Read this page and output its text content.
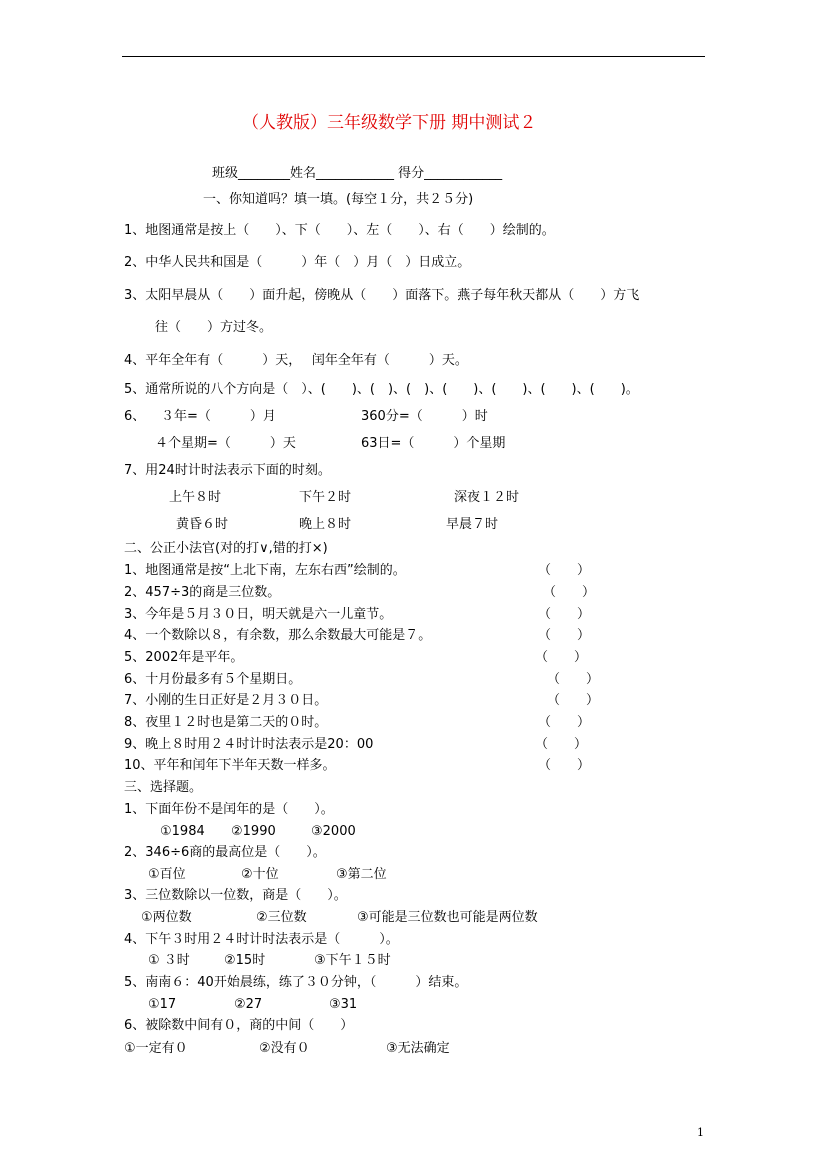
（人教版）三年级数学下册 期中测试２
班级________姓名____________ 得分____________
一、你知道吗？填一填。(每空１分，共２５分)
1、地图通常是按上（　　）、下（　　）、左（　　）、右（　　）绘制的。
2、中华人民共和国是（　　　）年（　）月（　）日成立。
3、太阳早晨从（　　）面升起，傍晚从（　　）面落下。燕子每年秋天都从（　　）方飞
往（　　）方过冬。
4、平年全年有（　　　）天，　 闰年全年有（　　　）天。
5、通常所说的八个方向是（　）、(　　)、(　)、(　)、(　　)、(　　)、(　　)、(　　)。
6、 ３年=（　　　）月	360分=（　　　）时
４个星期=（　　　）天	63日=（　　　）个星期
7、用24时计时法表示下面的时刻。
上午８时	下午２时	深夜１２时
黄昏６时	晚上８时	早晨７时
二、公正小法官(对的打∨,错的打×)
1、地图通常是按“上北下南，左东右西”绘制的。	（　　）
2、457÷3的商是三位数。	（　　）
3、今年是５月３０日，明天就是六一儿童节。	（　　）
4、一个数除以８，有余数，那么余数最大可能是７。	（　　）
5、2002年是平年。	（　　）
6、十月份最多有５个星期日。	（　　）
7、小刚的生日正好是２月３０日。	（　　）
8、夜里１２时也是第二天的０时。	（　　）
9、晚上８时用２４时计时法表示是20：00	（　　）
10、平年和闰年下半年天数一样多。	（　　）
三、选择题。
1、下面年份不是闰年的是（　　）。
①1984 ②1990	③2000
2、346÷6商的最高位是（　　）。
①百位	②十位	③第二位
3、三位数除以一位数，商是（　　）。
①两位数	②三位数	③可能是三位数也可能是两位数
4、下午３时用２４时计时法表示是（　　　）。
① ３时	②15时	③下午１５时
5、南南６：40开始晨练，练了３０分钟，（　　　）结束。
①17	②27	③31
6、被除数中间有０，商的中间（　　）
①一定有０	②没有０	③无法确定
1
